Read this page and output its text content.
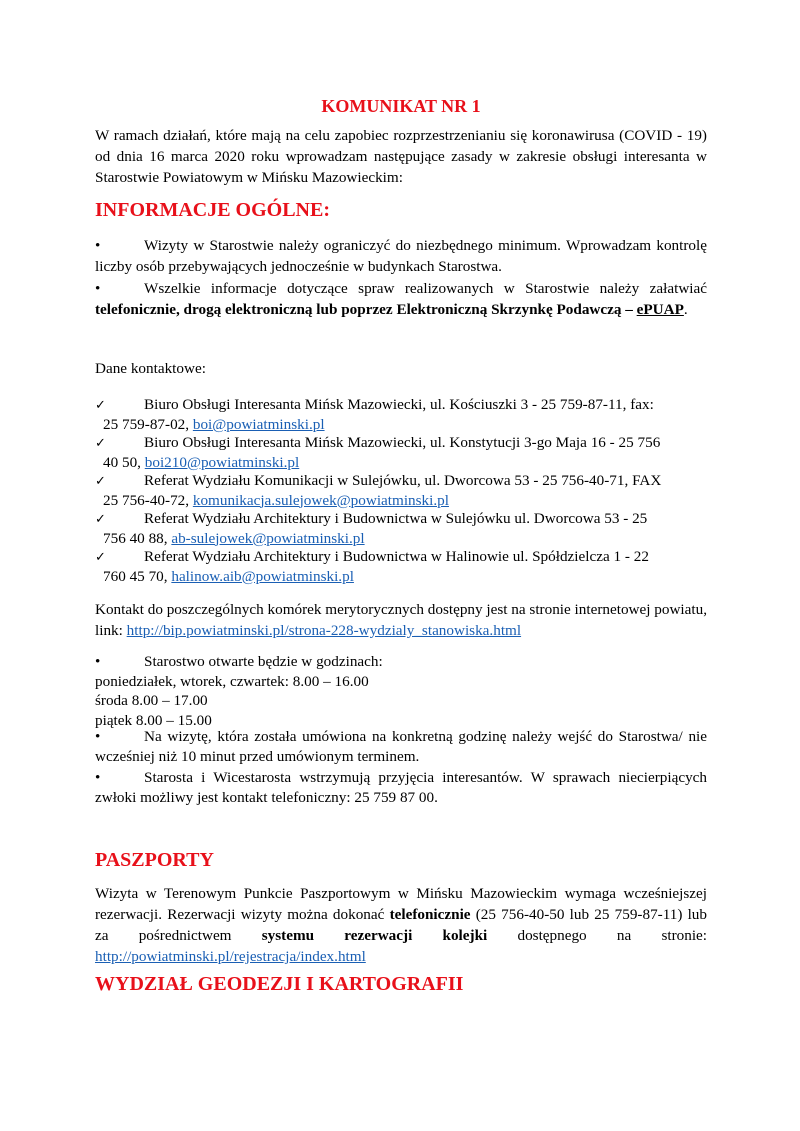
KOMUNIKAT NR 1

W ramach działań, które mają na celu zapobiec rozprzestrzenianiu się koronawirusa (COVID - 19) od dnia 16 marca 2020 roku wprowadzam następujące zasady w zakresie obsługi interesanta w Starostwie Powiatowym w Mińsku Mazowieckim:

INFORMACJE OGÓLNE:

•	Wizyty w Starostwie należy ograniczyć do niezbędnego minimum. Wprowadzam kontrolę liczby osób przebywających jednocześnie w budynkach Starostwa.

•	Wszelkie informacje dotyczące spraw realizowanych w Starostwie należy załatwiać telefonicznie, drogą elektroniczną lub poprzez Elektroniczną Skrzynkę Podawczą – ePUAP.

Dane kontaktowe:

✓	Biuro Obsługi Interesanta Mińsk Mazowiecki, ul. Kościuszki 3 - 25 759-87-11, fax:
25 759-87-02, boi@powiatminski.pl
✓	Biuro Obsługi Interesanta Mińsk Mazowiecki, ul. Konstytucji 3-go Maja 16 - 25 756
40 50, boi210@powiatminski.pl
✓	Referat Wydziału Komunikacji w Sulejówku, ul. Dworcowa 53 - 25 756-40-71, FAX
25 756-40-72, komunikacja.sulejowek@powiatminski.pl
✓	Referat Wydziału Architektury i Budownictwa w Sulejówku ul. Dworcowa 53 - 25
756 40 88, ab-sulejowek@powiatminski.pl
✓	Referat Wydziału Architektury i Budownictwa w Halinowie ul. Spółdzielcza 1 - 22
760 45 70, halinow.aib@powiatminski.pl

Kontakt do poszczególnych komórek merytorycznych dostępny jest na stronie internetowej powiatu, link: http://bip.powiatminski.pl/strona-228-wydzialy_stanowiska.html

•	Starostwo otwarte będzie w godzinach:
poniedziałek, wtorek, czwartek: 8.00 – 16.00
środa 8.00 – 17.00
piątek 8.00 – 15.00

•	Na wizytę, która została umówiona na konkretną godzinę należy wejść do Starostwa/ nie wcześniej niż 10 minut przed umówionym terminem.

•	Starosta i Wicestarosta wstrzymują przyjęcia interesantów. W sprawach niecierpiących zwłoki możliwy jest kontakt telefoniczny: 25 759 87 00.

PASZPORTY

Wizyta w Terenowym Punkcie Paszportowym w Mińsku Mazowieckim wymaga wcześniejszej rezerwacji. Rezerwacji wizyty można dokonać telefonicznie (25 756-40-50 lub 25 759-87-11) lub za pośrednictwem systemu rezerwacji kolejki dostępnego na stronie: http://powiatminski.pl/rejestracja/index.html

WYDZIAŁ GEODEZJI I KARTOGRAFII
